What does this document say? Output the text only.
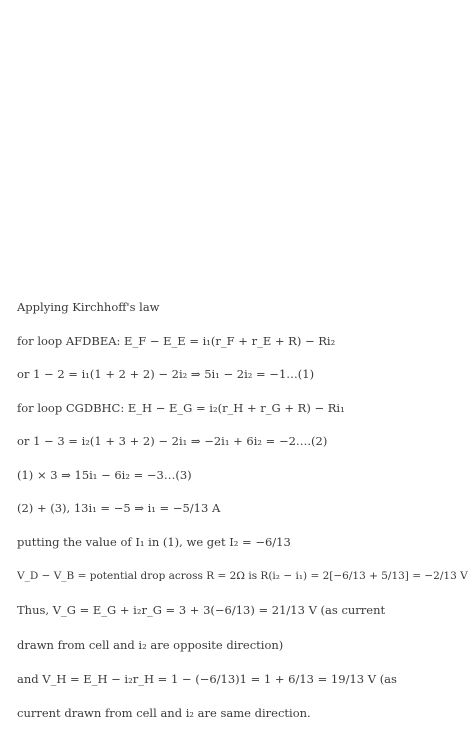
Applying Kirchhoff's law
for loop AFDBEA: E_F − E_E = i₁(r_F + r_E + R) − Ri₂
or 1 − 2 = i₁(1 + 2 + 2) − 2i₂ ⇒ 5i₁ − 2i₂ = −1…(1)
for loop CGDBHC: E_H − E_G = i₂(r_H + r_G + R) − Ri₁
or 1 − 3 = i₂(1 + 3 + 2) − 2i₁ ⇒ −2i₁ + 6i₂ = −2….(2)
(1) × 3 ⇒ 15i₁ − 6i₂ = −3…(3)
(2) + (3), 13i₁ = −5 ⇒ i₁ = −5/13 A
putting the value of I₁ in (1), we get I₂ = −6/13
V_D − V_B = potential drop across R = 2Ω is R(i₂ − i₁) = 2[−6/13 + 5/13] = −2/13 V
Thus, V_G = E_G + i₂r_G = 3 + 3(−6/13) = 21/13 V (as current
drawn from cell and i₂ are opposite direction)
and V_H = E_H − i₂r_H = 1 − (−6/13)1 = 1 + 6/13 = 19/13 V (as
current drawn from cell and i₂ are same direction.
